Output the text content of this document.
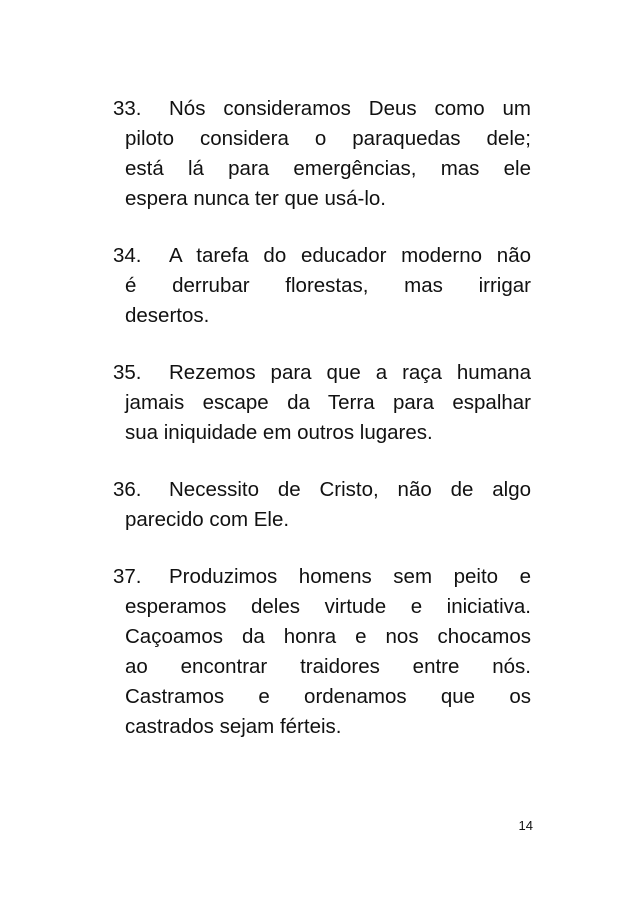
33. Nós consideramos Deus como um
piloto considera o paraquedas dele;
está lá para emergências, mas ele
espera nunca ter que usá-lo.
34. A tarefa do educador moderno não
é derrubar florestas, mas irrigar
desertos.
35. Rezemos para que a raça humana
jamais escape da Terra para espalhar
sua iniquidade em outros lugares.
36. Necessito de Cristo, não de algo
parecido com Ele.
37. Produzimos homens sem peito e
esperamos deles virtude e iniciativa.
Caçoamos da honra e nos chocamos
ao encontrar traidores entre nós.
Castramos e ordenamos que os
castrados sejam férteis.
14
